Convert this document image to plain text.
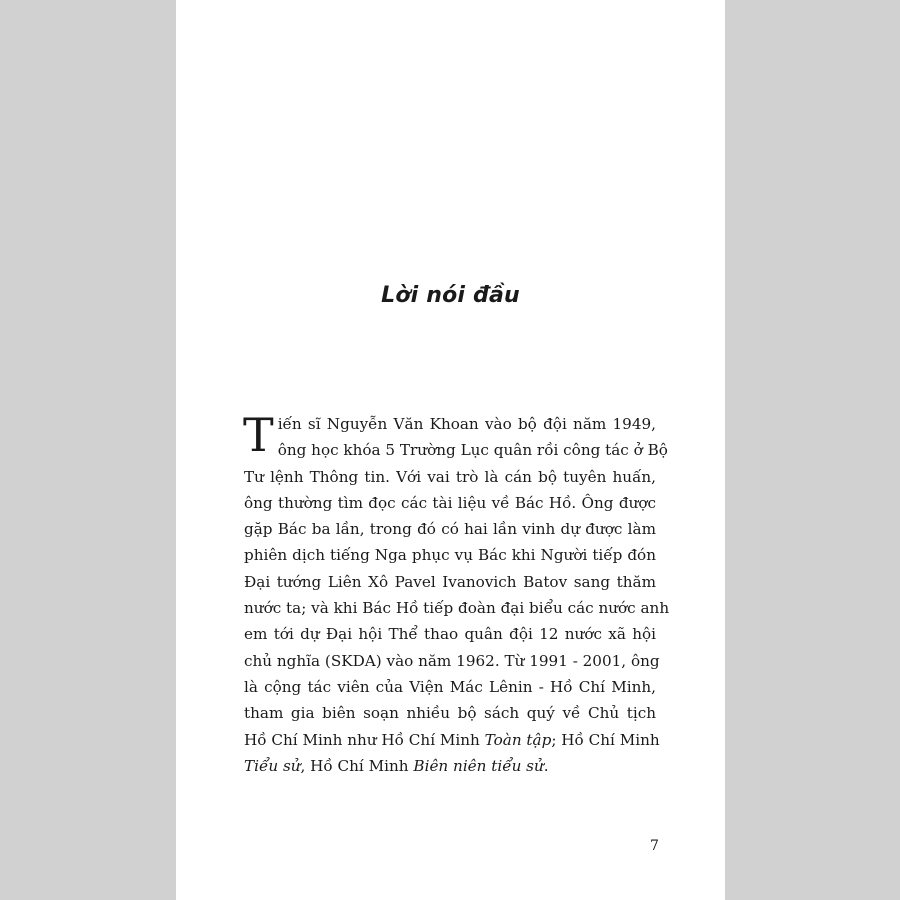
Lời nói đầu
T iến sĩ Nguyễn Văn Khoan vào bộ đội năm 1949,
ông học khóa 5 Trường Lục quân rồi công tác ở Bộ
Tư lệnh Thông tin. Với vai trò là cán bộ tuyên huấn,
ông thường tìm đọc các tài liệu về Bác Hồ. Ông được
gặp Bác ba lần, trong đó có hai lần vinh dự được làm
phiên dịch tiếng Nga phục vụ Bác khi Người tiếp đón
Đại tướng Liên Xô Pavel Ivanovich Batov sang thăm
nước ta; và khi Bác Hồ tiếp đoàn đại biểu các nước anh
em tới dự Đại hội Thể thao quân đội 12 nước xã hội
chủ nghĩa (SKDA) vào năm 1962. Từ 1991 - 2001, ông
là cộng tác viên của Viện Mác Lênin - Hồ Chí Minh,
tham gia biên soạn nhiều bộ sách quý về Chủ tịch
Hồ Chí Minh như Hồ Chí Minh Toàn tập; Hồ Chí Minh
Tiểu sử, Hồ Chí Minh Biên niên tiểu sử.
7
